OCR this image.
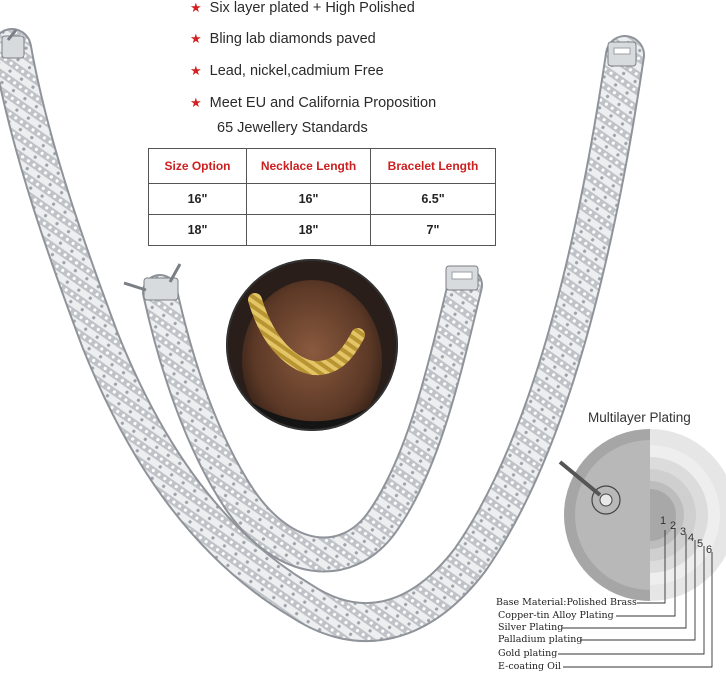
★ Six layer plated + High Polished
★ Bling lab diamonds paved
★ Lead, nickel,cadmium Free
★ Meet EU and California Proposition
65 Jewellery Standards
Size Option	Necklace Length	Bracelet Length
16"	16"	6.5"
18"	18"	7"
Multilayer Plating
1 2 3 4 5 6
Base Material:Polished Brass
Copper-tin Alloy Plating
Silver Plating
Palladium plating
Gold plating
E-coating Oil
